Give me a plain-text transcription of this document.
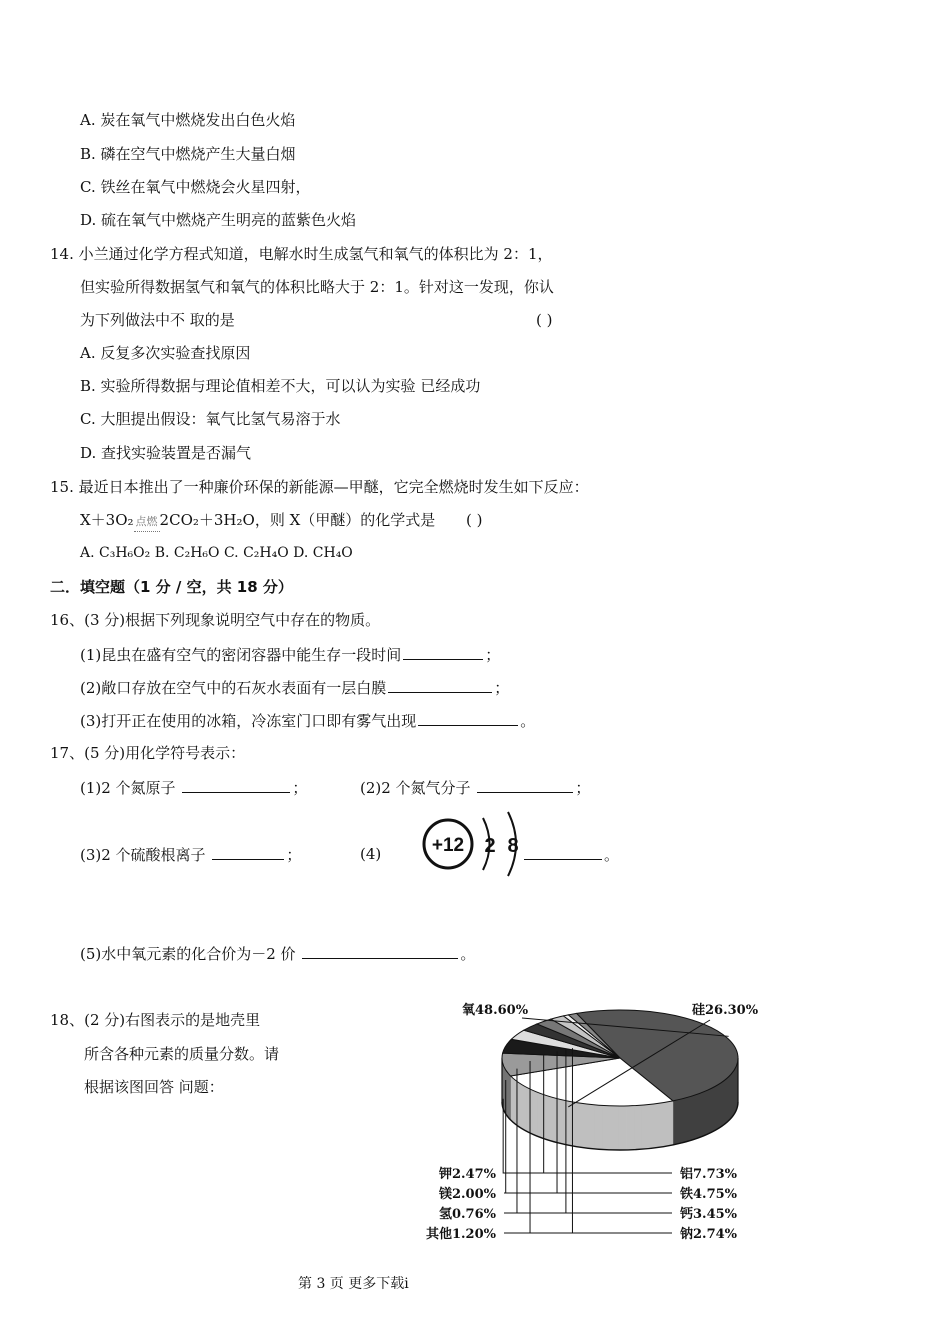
A. 炭在氧气中燃烧发出白色火焰
B. 磷在空气中燃烧产生大量白烟
C. 铁丝在氧气中燃烧会火星四射，
D. 硫在氧气中燃烧产生明亮的蓝紫色火焰
14. 小兰通过化学方程式知道，电解水时生成氢气和氧气的体积比为 2：1，
但实验所得数据氢气和氧气的体积比略大于 2：1。针对这一发现，你认
为下列做法中不 取的是	( )
A. 反复多次实验查找原因
B. 实验所得数据与理论值相差不大，可以认为实验 已经成功
C. 大胆提出假设：氧气比氢气易溶于水
D. 查找实验装置是否漏气
15. 最近日本推出了一种廉价环保的新能源—甲醚，它完全燃烧时发生如下反应：
X＋3O₂ 点燃 2CO₂＋3H₂O，则 X（甲醚）的化学式是 ( )
A. C₃H₆O₂ B. C₂H₆O C. C₂H₄O D. CH₄O
二．填空题（1 分 / 空，共 18 分）
16、(3 分)根据下列现象说明空气中存在的物质。
(1)昆虫在盛有空气的密闭容器中能生存一段时间	；
(2)敞口存放在空气中的石灰水表面有一层白膜	；
(3)打开正在使用的冰箱，冷冻室门口即有雾气出现	。
17、(5 分)用化学符号表示：
(1)2 个氮原子	；	(2)2 个氮气分子	；
(3)2 个硫酸根离子	；	(4)	+12 2 8	。
(5)水中氧元素的化合价为－2 价	。
18、(2 分)右图表示的是地壳里
所含各种元素的质量分数。请
根据该图回答 问题：
氧48.60%	硅26.30%
铝7.73%
铁4.75%
钙3.45%
钠2.74%
钾2.47%
镁2.00%
氢0.76%
其他1.20%
第 3 页 更多下载i
